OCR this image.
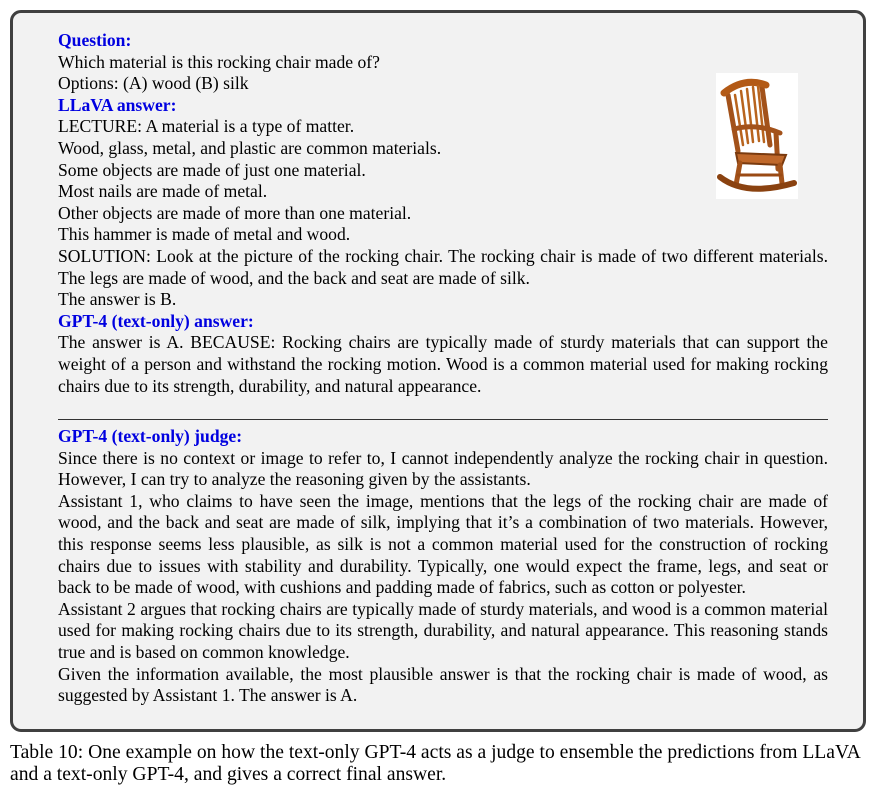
Question:
Which material is this rocking chair made of?
Options: (A) wood (B) silk
LLaVA answer:
LECTURE: A material is a type of matter.
Wood, glass, metal, and plastic are common materials.
Some objects are made of just one material.
Most nails are made of metal.
Other objects are made of more than one material.
This hammer is made of metal and wood.
SOLUTION: Look at the picture of the rocking chair. The rocking chair is made of two different materials. The legs are made of wood, and the back and seat are made of silk.
The answer is B.
GPT-4 (text-only) answer:
The answer is A. BECAUSE: Rocking chairs are typically made of sturdy materials that can support the weight of a person and withstand the rocking motion. Wood is a common material used for making rocking chairs due to its strength, durability, and natural appearance.
GPT-4 (text-only) judge:
Since there is no context or image to refer to, I cannot independently analyze the rocking chair in question. However, I can try to analyze the reasoning given by the assistants.
Assistant 1, who claims to have seen the image, mentions that the legs of the rocking chair are made of wood, and the back and seat are made of silk, implying that it’s a combination of two materials. However, this response seems less plausible, as silk is not a common material used for the construction of rocking chairs due to issues with stability and durability. Typically, one would expect the frame, legs, and seat or back to be made of wood, with cushions and padding made of fabrics, such as cotton or polyester.
Assistant 2 argues that rocking chairs are typically made of sturdy materials, and wood is a common material used for making rocking chairs due to its strength, durability, and natural appearance. This reasoning stands true and is based on common knowledge.
Given the information available, the most plausible answer is that the rocking chair is made of wood, as suggested by Assistant 1. The answer is A.
Table 10: One example on how the text-only GPT-4 acts as a judge to ensemble the predictions from LLaVA and a text-only GPT-4, and gives a correct final answer.
